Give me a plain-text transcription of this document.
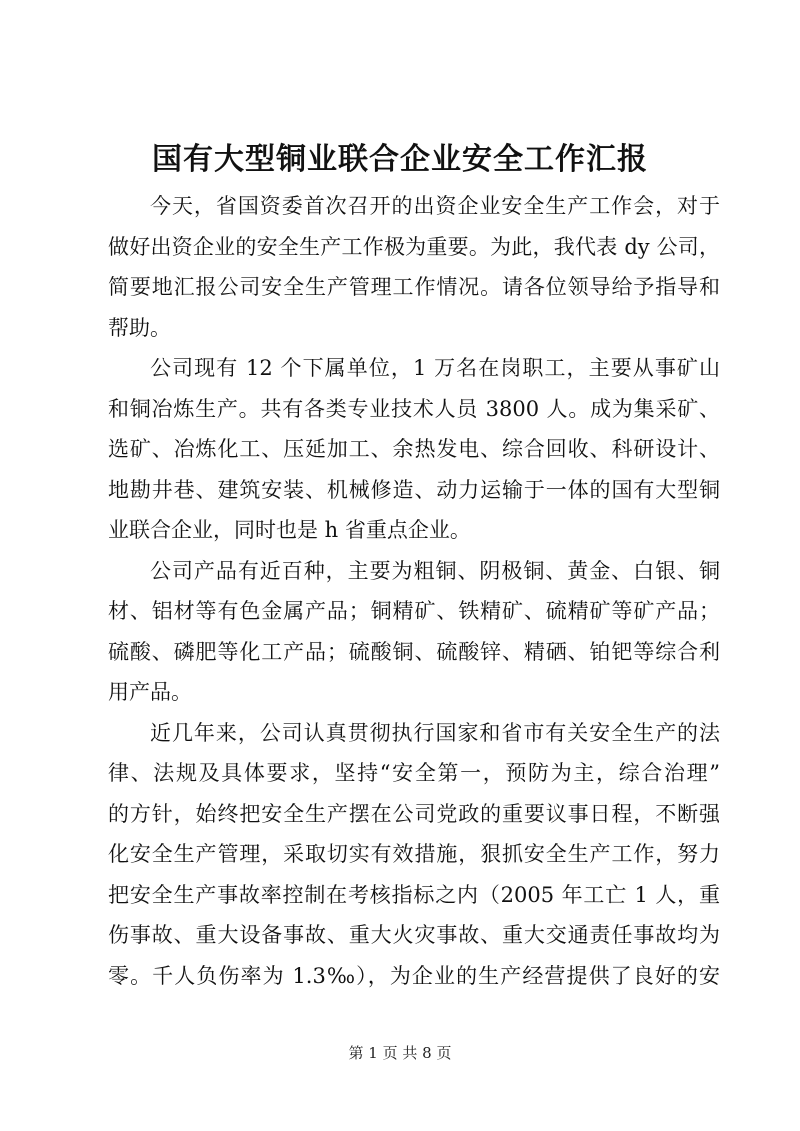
国有大型铜业联合企业安全工作汇报
今天，省国资委首次召开的出资企业安全生产工作会，对于
做好出资企业的安全生产工作极为重要。为此，我代表 dy 公司，
简要地汇报公司安全生产管理工作情况。请各位领导给予指导和
帮助。
公司现有 12 个下属单位，1 万名在岗职工，主要从事矿山
和铜冶炼生产。共有各类专业技术人员 3800 人。成为集采矿、
选矿、冶炼化工、压延加工、余热发电、综合回收、科研设计、
地勘井巷、建筑安装、机械修造、动力运输于一体的国有大型铜
业联合企业，同时也是 h 省重点企业。
公司产品有近百种，主要为粗铜、阴极铜、黄金、白银、铜
材、铝材等有色金属产品；铜精矿、铁精矿、硫精矿等矿产品；
硫酸、磷肥等化工产品；硫酸铜、硫酸锌、精硒、铂钯等综合利
用产品。
近几年来，公司认真贯彻执行国家和省市有关安全生产的法
律、法规及具体要求，坚持“安全第一，预防为主，综合治理”
的方针，始终把安全生产摆在公司党政的重要议事日程，不断强
化安全生产管理，采取切实有效措施，狠抓安全生产工作，努力
把安全生产事故率控制在考核指标之内（2005 年工亡 1 人，重
伤事故、重大设备事故、重大火灾事故、重大交通责任事故均为
零。千人负伤率为 1.3‰），为企业的生产经营提供了良好的安
第 1 页 共 8 页
